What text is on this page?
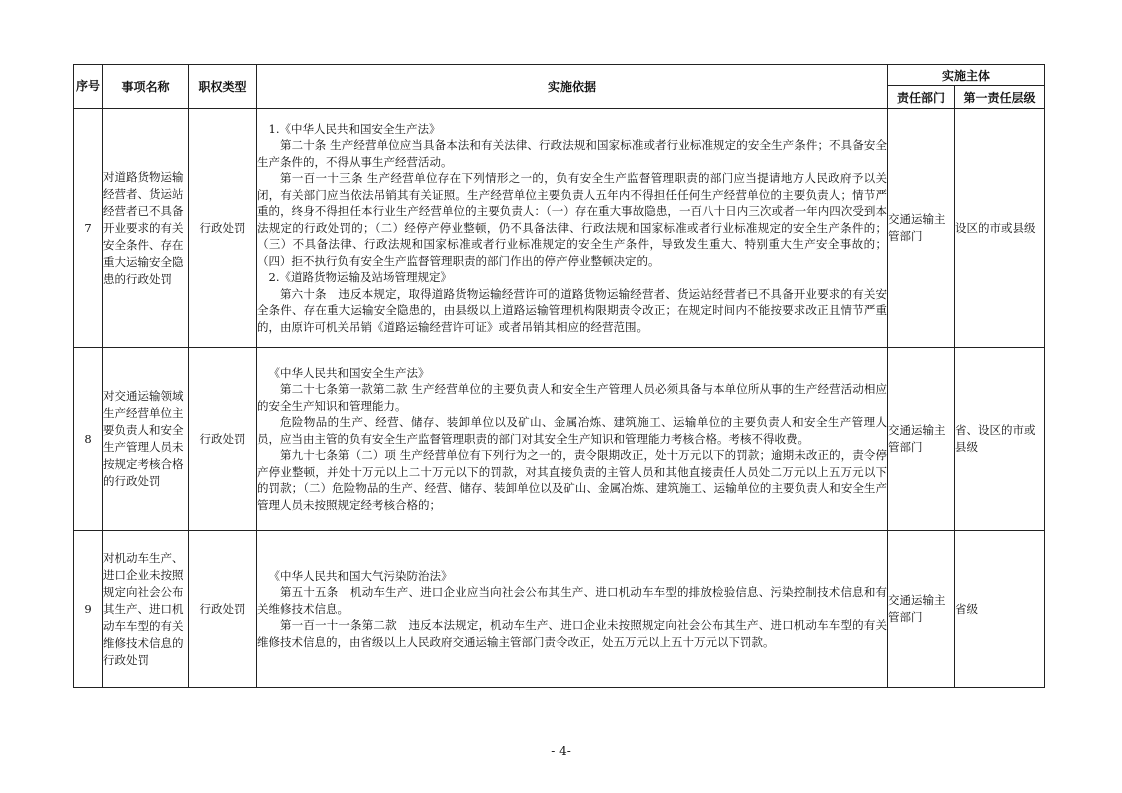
序号	事项名称	职权类型	实施依据	实施主体	
				责任部门	第一责任层级
7	对道路货物运输经营者、货运站经营者已不具备开业要求的有关安全条件、存在重大运输安全隐患的行政处罚	行政处罚	1.《中华人民共和国安全生产法》

第二十条 生产经营单位应当具备本法和有关法律、行政法规和国家标准或者行业标准规定的安全生产条件；不具备安全生产条件的，不得从事生产经营活动。

第一百一十三条 生产经营单位存在下列情形之一的，负有安全生产监督管理职责的部门应当提请地方人民政府予以关闭，有关部门应当依法吊销其有关证照。生产经营单位主要负责人五年内不得担任任何生产经营单位的主要负责人；情节严重的，终身不得担任本行业生产经营单位的主要负责人：（一）存在重大事故隐患，一百八十日内三次或者一年内四次受到本法规定的行政处罚的；（二）经停产停业整顿，仍不具备法律、行政法规和国家标准或者行业标准规定的安全生产条件的；（三）不具备法律、行政法规和国家标准或者行业标准规定的安全生产条件，导致发生重大、特别重大生产安全事故的；（四）拒不执行负有安全生产监督管理职责的部门作出的停产停业整顿决定的。

2.《道路货物运输及站场管理规定》

第六十条　违反本规定，取得道路货物运输经营许可的道路货物运输经营者、货运站经营者已不具备开业要求的有关安全条件、存在重大运输安全隐患的，由县级以上道路运输管理机构限期责令改正；在规定时间内不能按要求改正且情节严重的，由原许可机关吊销《道路运输经营许可证》或者吊销其相应的经营范围。	交通运输主管部门	设区的市或县级
8	对交通运输领域生产经营单位主要负责人和安全生产管理人员未按规定考核合格的行政处罚	行政处罚	《中华人民共和国安全生产法》

第二十七条第一款第二款 生产经营单位的主要负责人和安全生产管理人员必须具备与本单位所从事的生产经营活动相应的安全生产知识和管理能力。

危险物品的生产、经营、储存、装卸单位以及矿山、金属冶炼、建筑施工、运输单位的主要负责人和安全生产管理人员，应当由主管的负有安全生产监督管理职责的部门对其安全生产知识和管理能力考核合格。考核不得收费。

第九十七条第（二）项 生产经营单位有下列行为之一的，责令限期改正，处十万元以下的罚款；逾期未改正的，责令停产停业整顿，并处十万元以上二十万元以下的罚款，对其直接负责的主管人员和其他直接责任人员处二万元以上五万元以下的罚款；（二）危险物品的生产、经营、储存、装卸单位以及矿山、金属冶炼、建筑施工、运输单位的主要负责人和安全生产管理人员未按照规定经考核合格的；	交通运输主管部门	省、设区的市或县级
9	对机动车生产、进口企业未按照规定向社会公布其生产、进口机动车车型的有关维修技术信息的行政处罚	行政处罚	《中华人民共和国大气污染防治法》

第五十五条　机动车生产、进口企业应当向社会公布其生产、进口机动车车型的排放检验信息、污染控制技术信息和有关维修技术信息。

第一百一十一条第二款　违反本法规定，机动车生产、进口企业未按照规定向社会公布其生产、进口机动车车型的有关维修技术信息的，由省级以上人民政府交通运输主管部门责令改正，处五万元以上五十万元以下罚款。	交通运输主管部门	省级
- 4-
